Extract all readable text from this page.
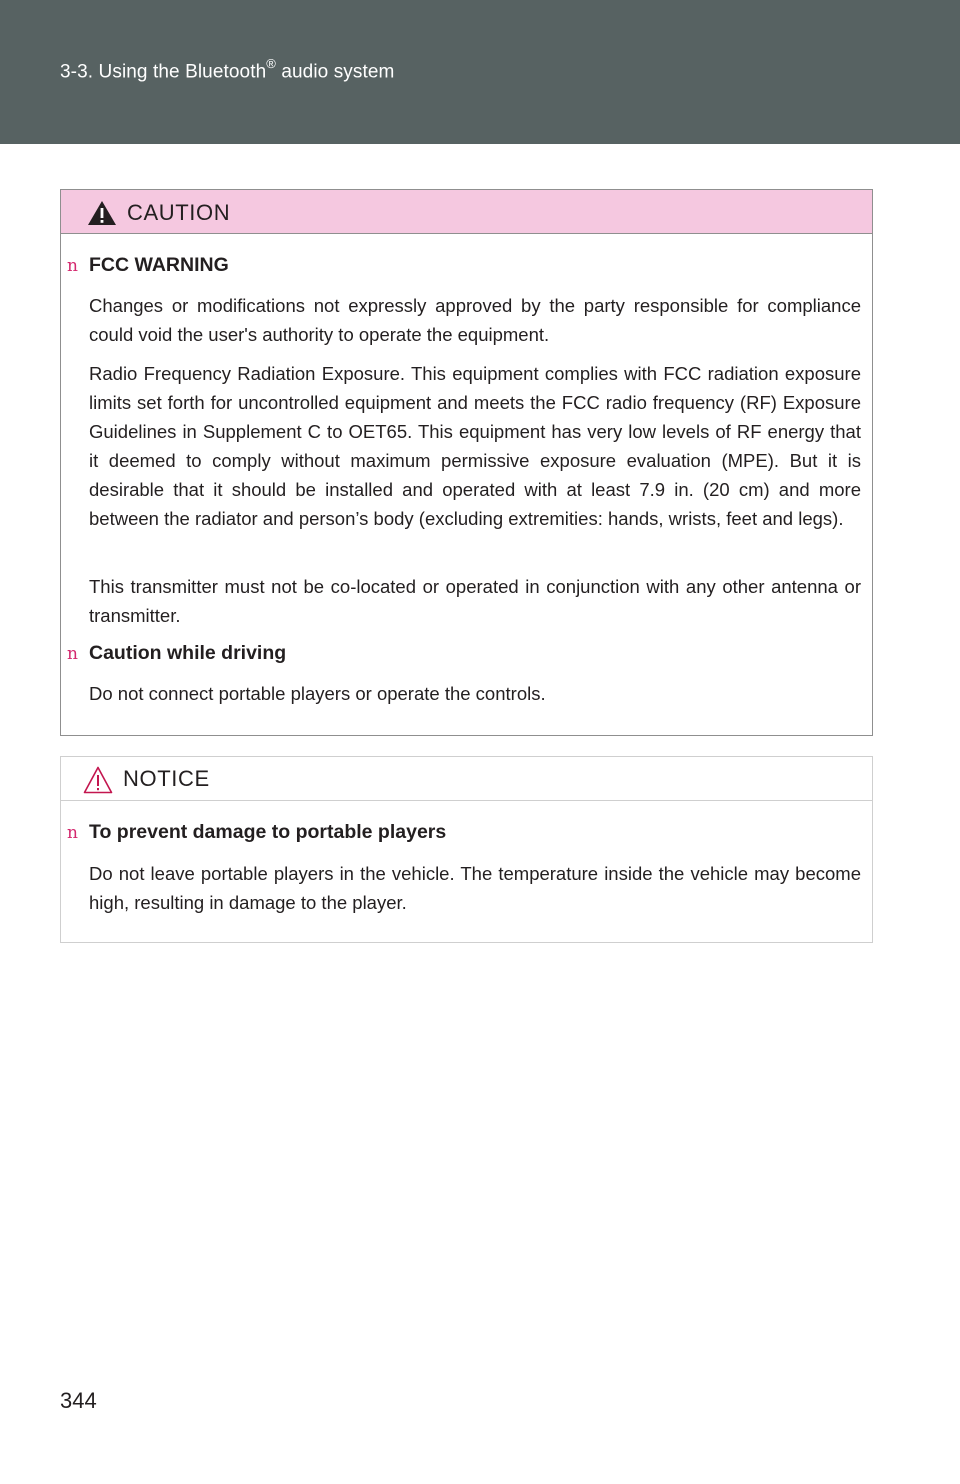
3-3. Using the Bluetooth® audio system
CAUTION
n FCC WARNING

Changes or modifications not expressly approved by the party responsible for compliance could void the user's authority to operate the equipment.

Radio Frequency Radiation Exposure. This equipment complies with FCC radiation exposure limits set forth for uncontrolled equipment and meets the FCC radio frequency (RF) Exposure Guidelines in Supplement C to OET65. This equipment has very low levels of RF energy that it deemed to comply without maximum permissive exposure evaluation (MPE). But it is desirable that it should be installed and operated with at least 7.9 in. (20 cm) and more between the radiator and person’s body (excluding extremities: hands, wrists, feet and legs).

This transmitter must not be co-located or operated in conjunction with any other antenna or transmitter.

n Caution while driving

Do not connect portable players or operate the controls.

NOTICE
n To prevent damage to portable players

Do not leave portable players in the vehicle. The temperature inside the vehicle may become high, resulting in damage to the player.

344
